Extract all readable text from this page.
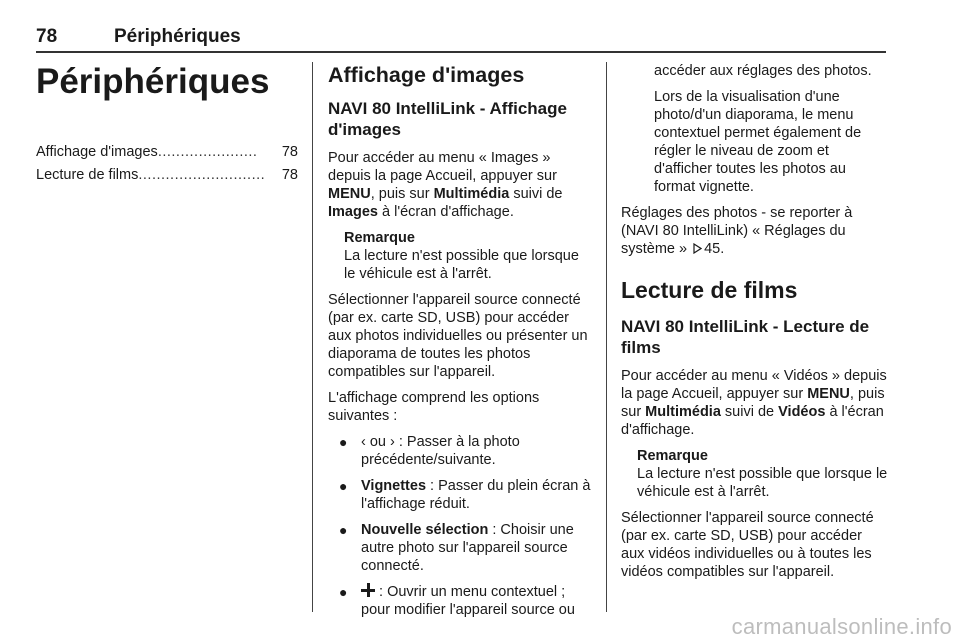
78	Périphériques
Périphériques
Affichage d'images ......................	78
Lecture de films ............................	78
Affichage d'images
NAVI 80 IntelliLink - Affichage d'images

Pour accéder au menu « Images » depuis la page Accueil, appuyer sur MENU, puis sur Multimédia suivi de Images à l'écran d'affichage.

Remarque
La lecture n'est possible que lorsque le véhicule est à l'arrêt.

Sélectionner l'appareil source connecté (par ex. carte SD, USB) pour accéder aux photos individuelles ou présenter un diaporama de toutes les photos compatibles sur l'appareil.

L'affichage comprend les options suivantes :

● ‹ ou › : Passer à la photo précédente/suivante.
● Vignettes : Passer du plein écran à l'affichage réduit.
● Nouvelle sélection : Choisir une autre photo sur l'appareil source connecté.
● : Ouvrir un menu contextuel ; pour modifier l'appareil source ou
accéder aux réglages des photos.
Lors de la visualisation d'une photo/d'un diaporama, le menu contextuel permet également de régler le niveau de zoom et d'afficher toutes les photos au format vignette.

Réglages des photos - se reporter à (NAVI 80 IntelliLink) « Réglages du système »
45.

Lecture de films
NAVI 80 IntelliLink - Lecture de films

Pour accéder au menu « Vidéos » depuis la page Accueil, appuyer sur MENU, puis sur Multimédia suivi de Vidéos à l'écran d'affichage.

Remarque
La lecture n'est possible que lorsque le véhicule est à l'arrêt.

Sélectionner l'appareil source connecté (par ex. carte SD, USB) pour accéder aux vidéos individuelles ou à toutes les vidéos compatibles sur l'appareil.

carmanualsonline.info
